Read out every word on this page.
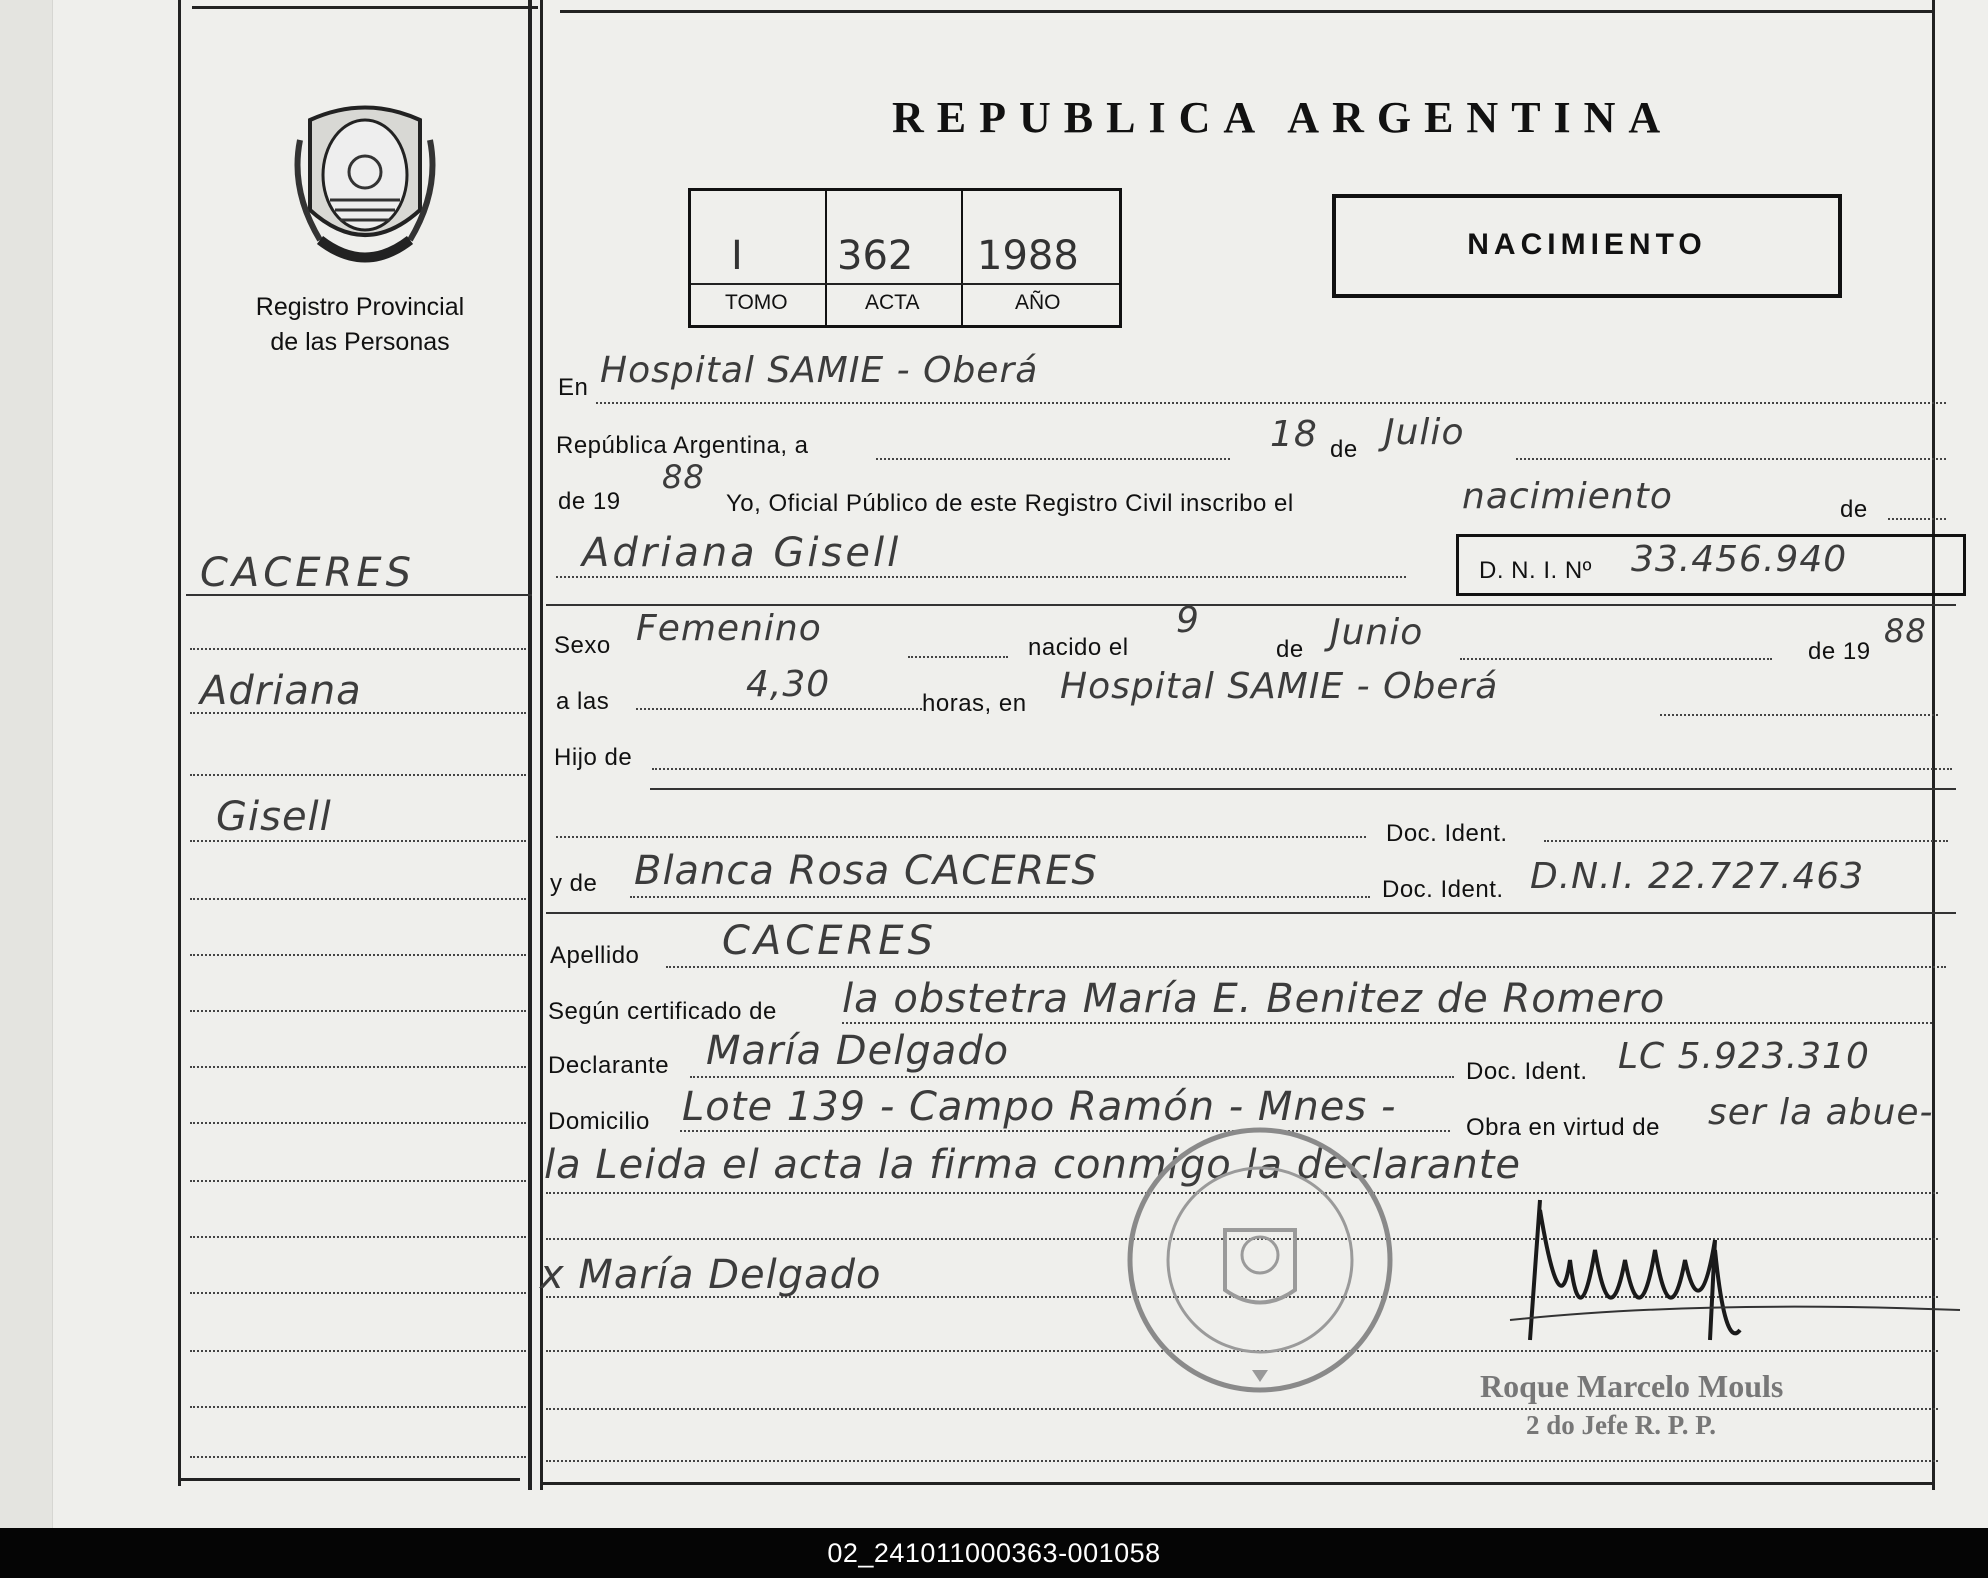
Registro Provincial
de las Personas
REPUBLICA ARGENTINA
I 362 1988
TOMO	ACTA	AÑO
NACIMIENTO
CACERES
Adriana
Gisell
En Hospital SAMIE - Oberá
República Argentina, a	18 de Julio
de 19
88
Yo, Oficial Público de este Registro Civil inscribo el	nacimiento	de
Adriana Gisell	D. N. I. Nº 33.456.940
Sexo Femenino	nacido el
9
de Junio	de 19
88
a las	4,30	horas, en Hospital SAMIE - Oberá
Hijo de
Doc. Ident.
y de Blanca Rosa CACERES	Doc. Ident. D.N.I. 22.727.463
Apellido CACERES
Según certificado de la obstetra María E. Benitez de Romero
Declarante María Delgado	Doc. Ident. LC 5.923.310
Domicilio Lote 139 - Campo Ramón - Mnes -	Obra en virtud de ser la abue-
la Leida el acta la firma conmigo la declarante
x María Delgado
Roque Marcelo Mouls
2 do Jefe R. P. P.
02_241011000363-001058
